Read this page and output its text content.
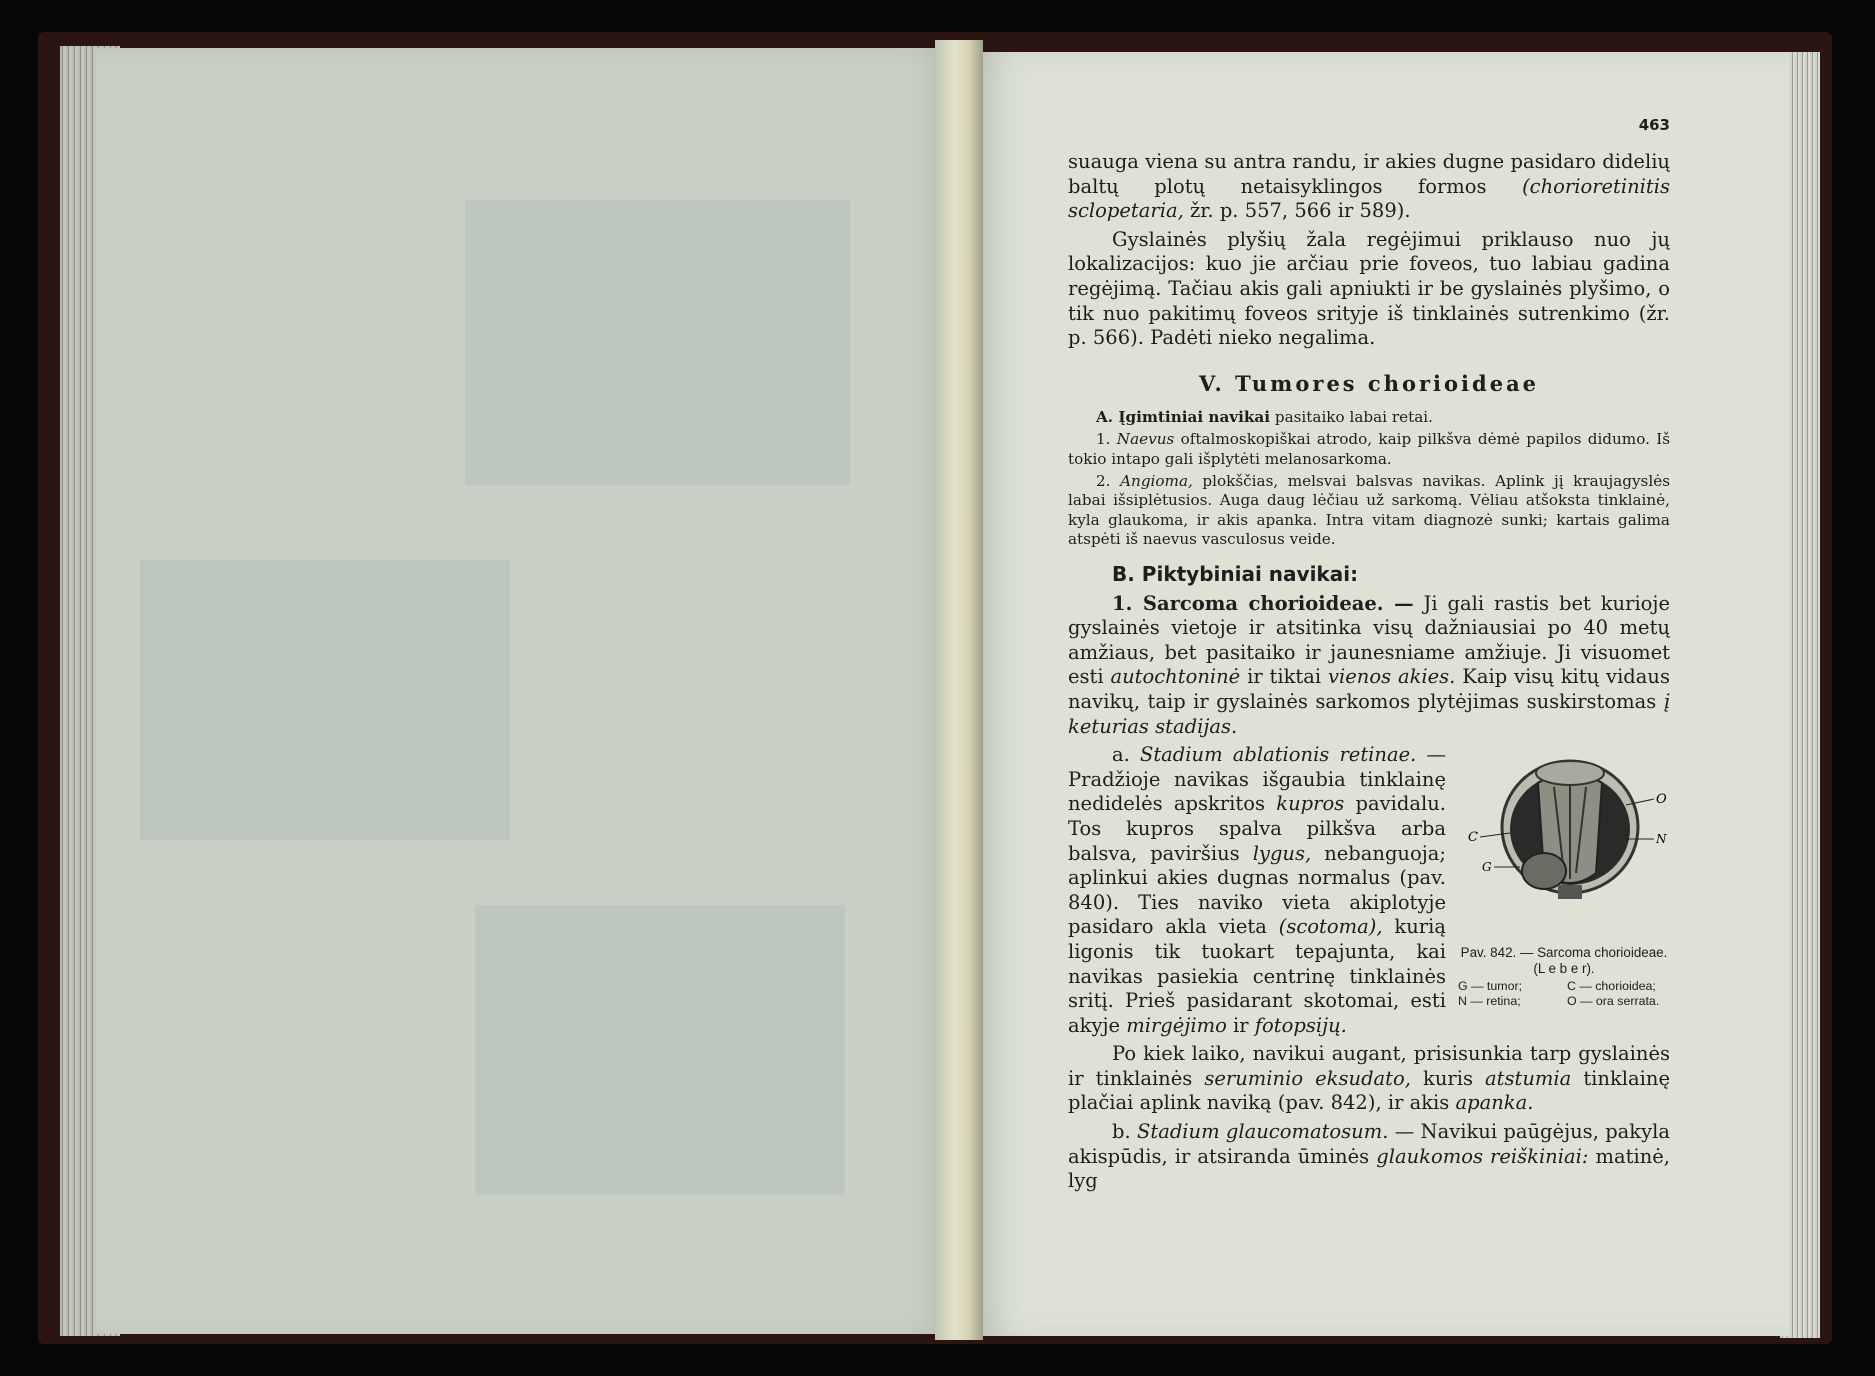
463

suauga viena su antra randu, ir akies dugne pasidaro didelių baltų plotų netaisyklingos formos (chorioretinitis sclopetaria, žr. p. 557, 566 ir 589).

Gyslainės plyšių žala regėjimui priklauso nuo jų lokalizacijos: kuo jie arčiau prie foveos, tuo labiau gadina regėjimą. Tačiau akis gali apniukti ir be gyslainės plyšimo, o tik nuo pakitimų foveos srityje iš tinklainės sutrenkimo (žr. p. 566). Padėti nieko negalima.

V. Tumores chorioideae

A. Įgimtiniai navikai pasitaiko labai retai.

1. Naevus oftalmoskopiškai atrodo, kaip pilkšva dėmė papilos didumo. Iš tokio intapo gali išplytėti melanosarkoma.

2. Angioma, plokščias, melsvai balsvas navikas. Aplink jį kraujagyslės labai išsiplėtusios. Auga daug lėčiau už sarkomą. Vėliau atšoksta tinklainė, kyla glaukoma, ir akis apanka. Intra vitam diagnozė sunki; kartais galima atspėti iš naevus vasculosus veide.

B. Piktybiniai navikai:

1. Sarcoma chorioideae. — Ji gali rastis bet kurioje gyslainės vietoje ir atsitinka visų dažniausiai po 40 metų amžiaus, bet pasitaiko ir jaunesniame amžiuje. Ji visuomet esti autochtoninė ir tiktai vienos akies. Kaip visų kitų vidaus navikų, taip ir gyslainės sarkomos plytėjimas suskirstomas į keturias stadijas.

a. Stadium ablationis retinae. — Pradžioje navikas išgaubia tinklainę nedidelės apskritos kupros pavidalu. Tos kupros spalva pilkšva arba balsva, paviršius lygus, nebanguoja; aplinkui akies dugnas normalus (pav. 840). Ties naviko vieta akiplotyje pasidaro akla vieta (scotoma), kurią ligonis tik tuokart tepajunta, kai navikas pasiekia centrinę tinklainės sritį. Prieš pasidarant skotomai, esti akyje mirgėjimo ir fotopsijų.

O
N
C
G
Pav. 842. — Sarcoma chorioideae. (L e b e r).
G — tumor;	C — chorioidea;
N — retina;	O — ora serrata.

Po kiek laiko, navikui augant, prisisunkia tarp gyslainės ir tinklainės seruminio eksudato, kuris atstumia tinklainę plačiai aplink naviką (pav. 842), ir akis apanka.

b. Stadium glaucomatosum. — Navikui paūgėjus, pakyla akispūdis, ir atsiranda ūminės glaukomos reiškiniai: matinė, lyg
